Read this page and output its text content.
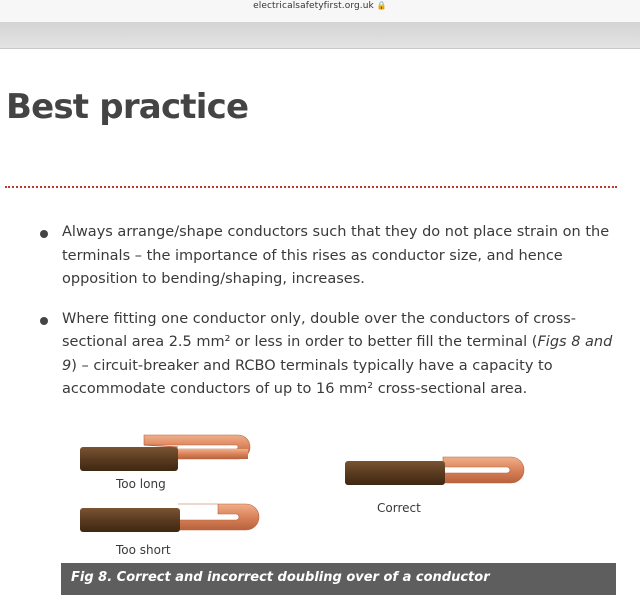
electricalsafetyfirst.org.uk 🔒
Best practice
Always arrange/shape conductors such that they do not place strain on the terminals – the importance of this rises as conductor size, and hence opposition to bending/shaping, increases.
Where fitting one conductor only, double over the conductors of cross-sectional area 2.5 mm² or less in order to better fill the terminal (Figs 8 and 9) – circuit-breaker and RCBO terminals typically have a capacity to accommodate conductors of up to 16 mm² cross-sectional area.
Too long
Correct
Too short
Fig 8. Correct and incorrect doubling over of a conductor
